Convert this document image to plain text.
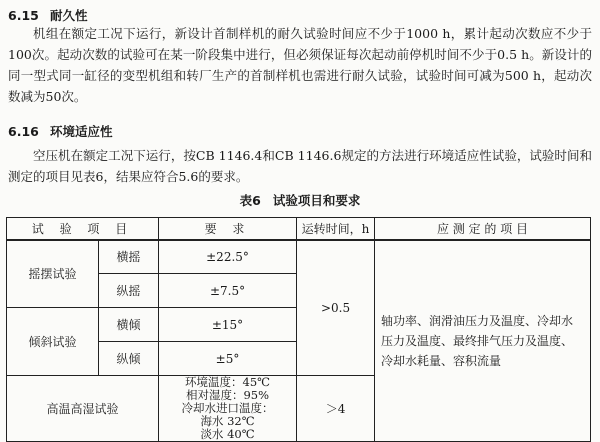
6.15 耐久性

机组在额定工况下运行，新设计首制样机的耐久试验时间应不少于1000 h，累计起动次数应不少于100次。起动次数的试验可在某一阶段集中进行，但必须保证每次起动前停机时间不少于0.5 h。新设计的同一型式同一缸径的变型机组和转厂生产的首制样机也需进行耐久试验，试验时间可减为500 h，起动次数减为50次。

6.16 环境适应性

空压机在额定工况下运行，按CB 1146.4和CB 1146.6规定的方法进行环境适应性试验，试验时间和测定的项目见表6，结果应符合5.6的要求。

表6 试验项目和要求
试 验 项 目		要 求	运转时间，h	应 测 定 的 项 目
摇摆试验	横摇	±22.5°	>0.5	轴功率、润滑油压力及温度、冷却水压力及温度、最终排气压力及温度、冷却水耗量、容积流量
	纵摇	±7.5°		
倾斜试验	横倾	±15°		
	纵倾	±5°		
高温高湿试验		环境温度：45℃
相对湿度：95%
冷却水进口温度：
海水 32℃
淡水 40℃	＞4	
